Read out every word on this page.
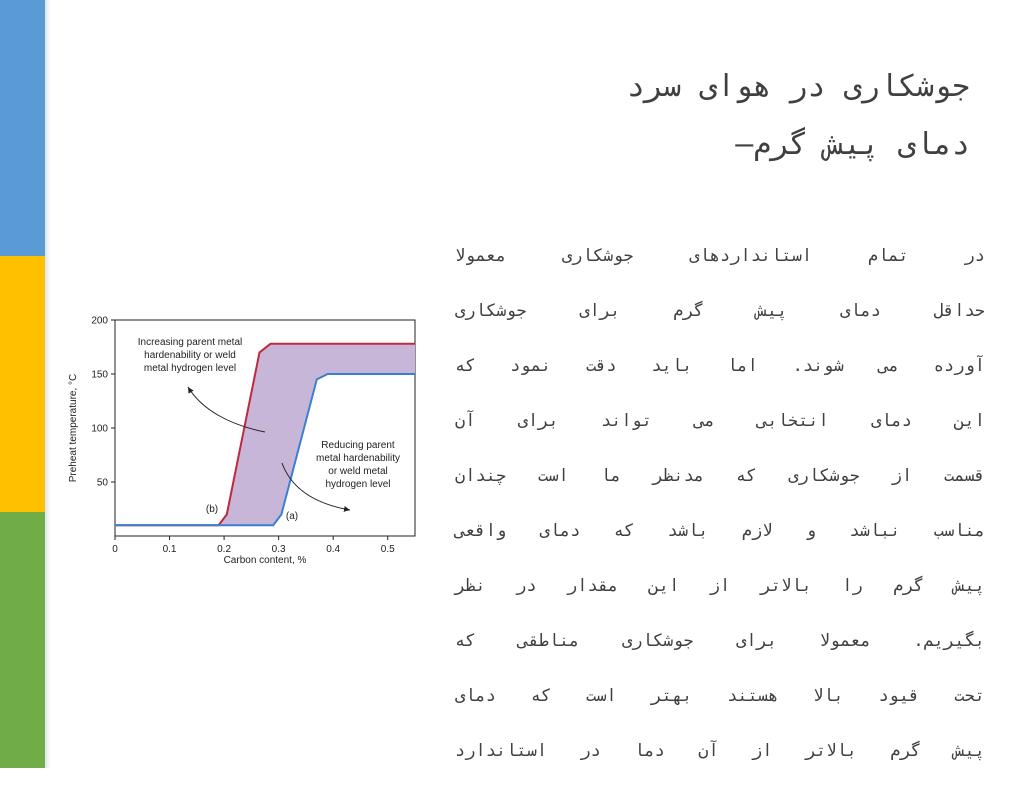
جوشکاری در هوای سرد
دمای پیش گرم–
در تمام استانداردهای جوشکاری معمولا
حداقل دمای پیش گرم برای جوشکاری
آورده می شوند. اما باید دقت نمود که
این دمای انتخابی می تواند برای آن
قسمت از جوشکاری که مدنظر ما است چندان
مناسب نباشد و لازم باشد که دمای واقعی
پیش گرم را بالاتر از این مقدار در نظر
بگیریم. معمولا برای جوشکاری مناطقی که
تحت قیود بالا هستند بهتر است که دمای
پیش گرم بالاتر از آن دما در استاندارد
0	0.1	0.2	0.3	0.4	0.5
50
100
150
200
Carbon content, %
Preheat temperature, °C
Increasing parent metal
hardenability or weld
metal hydrogen level
Reducing parent
metal hardenability
or weld metal
hydrogen level
(a)
(b)
